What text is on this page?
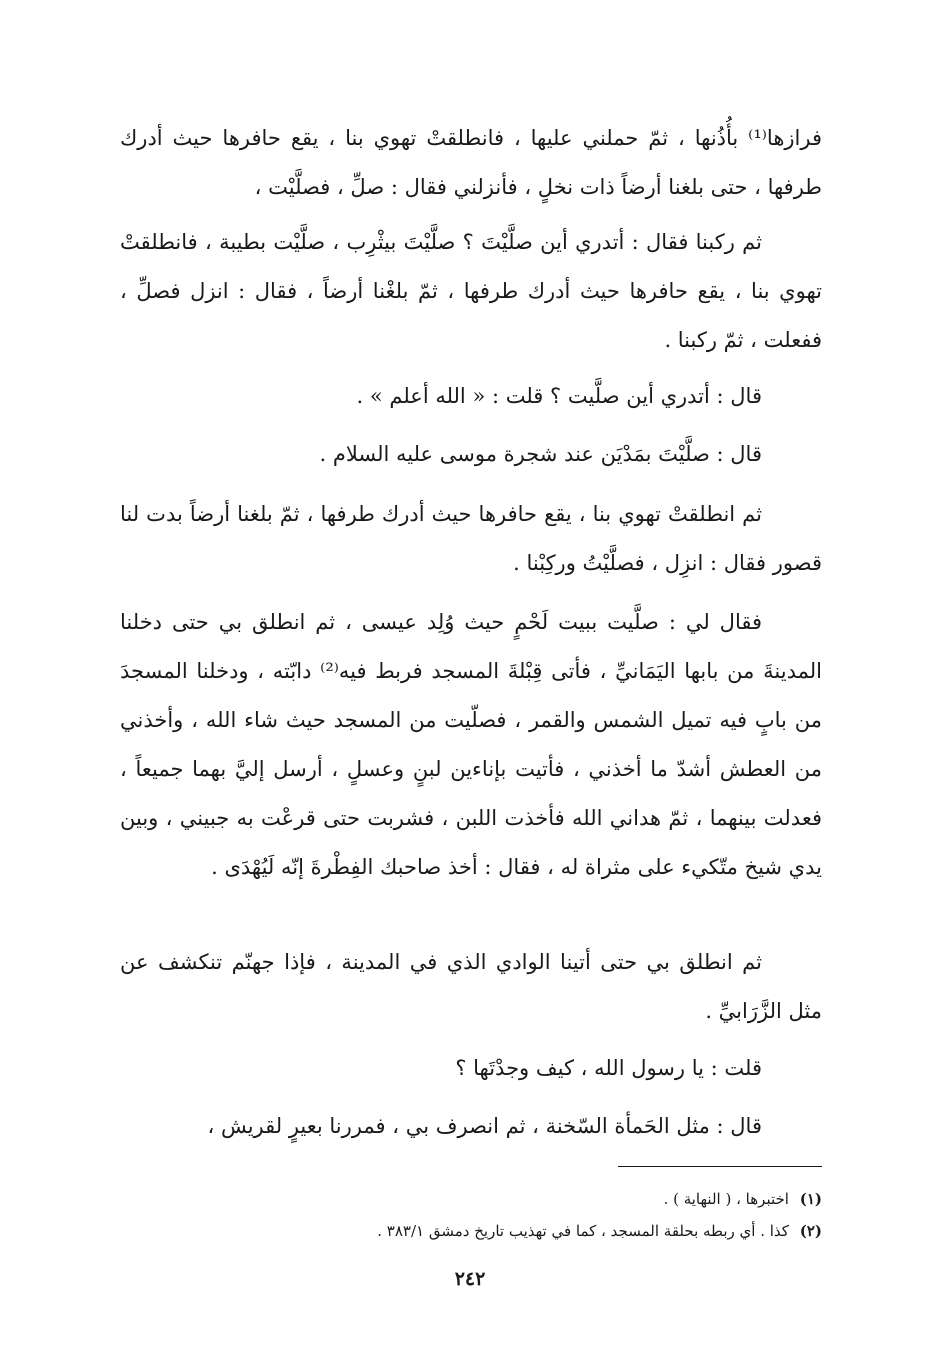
فرازها⁽¹⁾ بأُذُنها ، ثمّ حملني عليها ، فانطلقتْ تهوي بنا ، يقع حافرها حيث أدرك طرفها ، حتى بلغنا أرضاً ذات نخلٍ ، فأنزلني فقال : صلِّ ، فصلَّيْت ،

ثم ركبنا فقال : أتدري أين صلَّيْتَ ؟ صلَّيْتَ بيثْرِب ، صلَّيْت بطيبة ، فانطلقتْ تهوي بنا ، يقع حافرها حيث أدرك طرفها ، ثمّ بلغْنا أرضاً ، فقال : انزل فصلِّ ، ففعلت ، ثمّ ركبنا .

قال : أتدري أين صلَّيت ؟ قلت : « الله أعلم » .

قال : صلَّيْتَ بمَدْيَن عند شجرة موسى عليه السلام .

ثم انطلقتْ تهوي بنا ، يقع حافرها حيث أدرك طرفها ، ثمّ بلغنا أرضاً بدت لنا قصور فقال : انزِل ، فصلَّيْتُ وركِبْنا .

فقال لي : صلَّيت ببيت لَحْمٍ حيث وُلِد عيسى ، ثم انطلق بي حتى دخلنا المدينةَ من بابها اليَمَانيِّ ، فأتى قِبْلةَ المسجد فربط فيه⁽²⁾ دابّته ، ودخلنا المسجدَ من بابٍ فيه تميل الشمس والقمر ، فصلّيت من المسجد حيث شاء الله ، وأخذني من العطش أشدّ ما أخذني ، فأتيت بإناءين لبنٍ وعسلٍ ، أرسل إليَّ بهما جميعاً ، فعدلت بينهما ، ثمّ هداني الله فأخذت اللبن ، فشربت حتى قرعْت به جبيني ، وبين يدي شيخ متّكيء على مثراة له ، فقال : أخذ صاحبك الفِطْرةَ إنّه لَيُهْدَى .

ثم انطلق بي حتى أتينا الوادي الذي في المدينة ، فإذا جهنّم تنكشف عن مثل الزَّرَابيِّ .

قلت : يا رسول الله ، كيف وجدْتَها ؟

قال : مثل الحَمأة السّخنة ، ثم انصرف بي ، فمررنا بعيرٍ لقريش ،

(١) اختبرها ، ( النهاية ) .

(٢) كذا . أي ربطه بحلقة المسجد ، كما في تهذيب تاريخ دمشق ٣٨٣/١ .

٢٤٢
